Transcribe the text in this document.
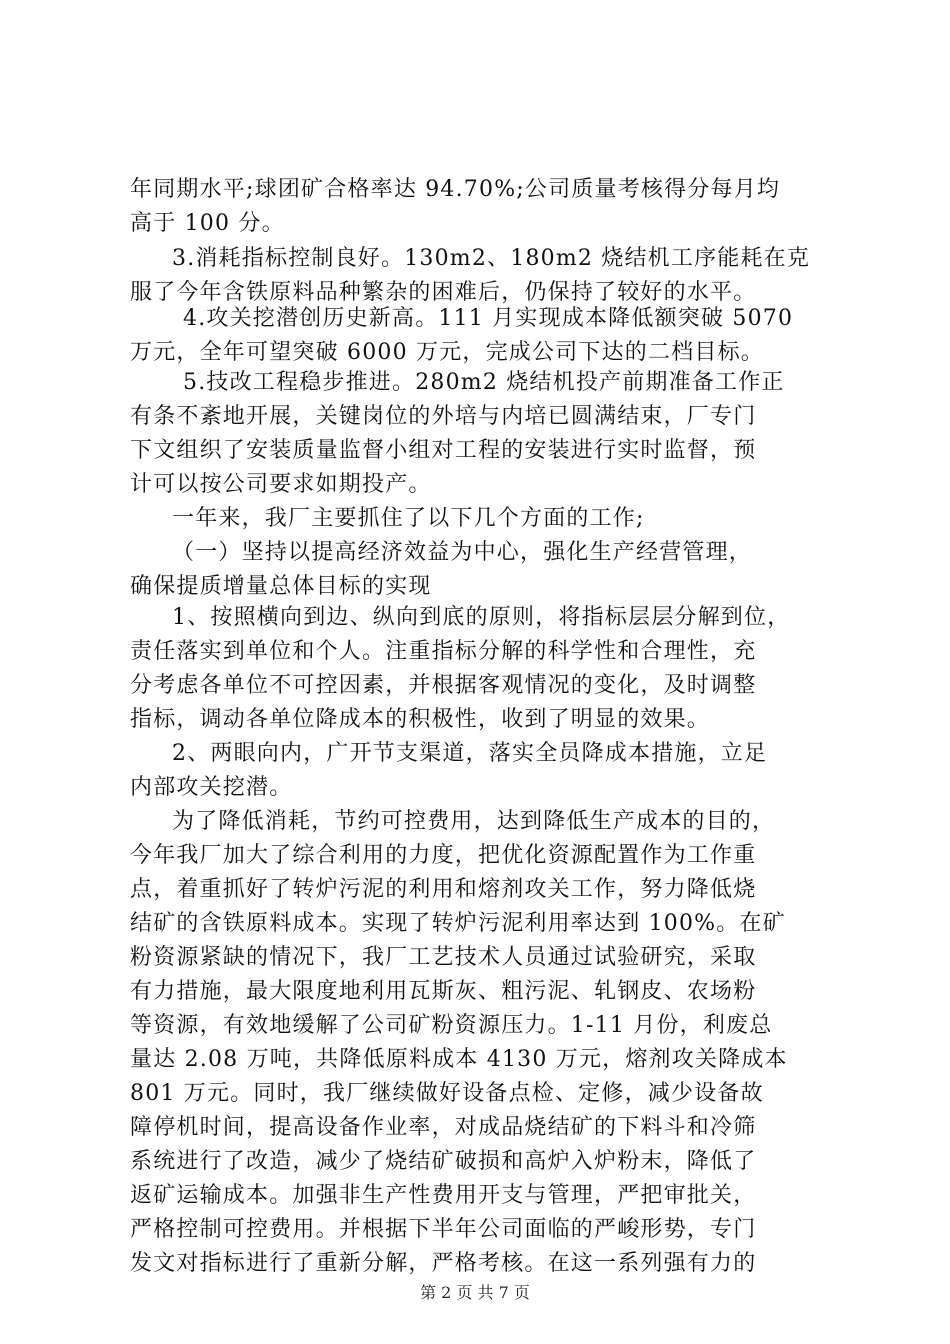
年同期水平;球团矿合格率达 94.70%;公司质量考核得分每月均
高于 100 分。
3.消耗指标控制良好。130m2、180m2 烧结机工序能耗在克
服了今年含铁原料品种繁杂的困难后，仍保持了较好的水平。
4.攻关挖潜创历史新高。111 月实现成本降低额突破 5070
万元，全年可望突破 6000 万元，完成公司下达的二档目标。
5.技改工程稳步推进。280m2 烧结机投产前期准备工作正
有条不紊地开展，关键岗位的外培与内培已圆满结束，厂专门
下文组织了安装质量监督小组对工程的安装进行实时监督，预
计可以按公司要求如期投产。
一年来，我厂主要抓住了以下几个方面的工作;
（一）坚持以提高经济效益为中心，强化生产经营管理，
确保提质增量总体目标的实现
1、按照横向到边、纵向到底的原则，将指标层层分解到位，
责任落实到单位和个人。注重指标分解的科学性和合理性，充
分考虑各单位不可控因素，并根据客观情况的变化，及时调整
指标，调动各单位降成本的积极性，收到了明显的效果。
2、两眼向内，广开节支渠道，落实全员降成本措施，立足
内部攻关挖潜。
为了降低消耗，节约可控费用，达到降低生产成本的目的，
今年我厂加大了综合利用的力度，把优化资源配置作为工作重
点，着重抓好了转炉污泥的利用和熔剂攻关工作，努力降低烧
结矿的含铁原料成本。实现了转炉污泥利用率达到 100%。在矿
粉资源紧缺的情况下，我厂工艺技术人员通过试验研究，采取
有力措施，最大限度地利用瓦斯灰、粗污泥、轧钢皮、农场粉
等资源，有效地缓解了公司矿粉资源压力。1-11 月份，利废总
量达 2.08 万吨，共降低原料成本 4130 万元，熔剂攻关降成本
801 万元。同时，我厂继续做好设备点检、定修，减少设备故
障停机时间，提高设备作业率，对成品烧结矿的下料斗和冷筛
系统进行了改造，减少了烧结矿破损和高炉入炉粉末，降低了
返矿运输成本。加强非生产性费用开支与管理，严把审批关，
严格控制可控费用。并根据下半年公司面临的严峻形势，专门
发文对指标进行了重新分解，严格考核。在这一系列强有力的
第 2 页 共 7 页
